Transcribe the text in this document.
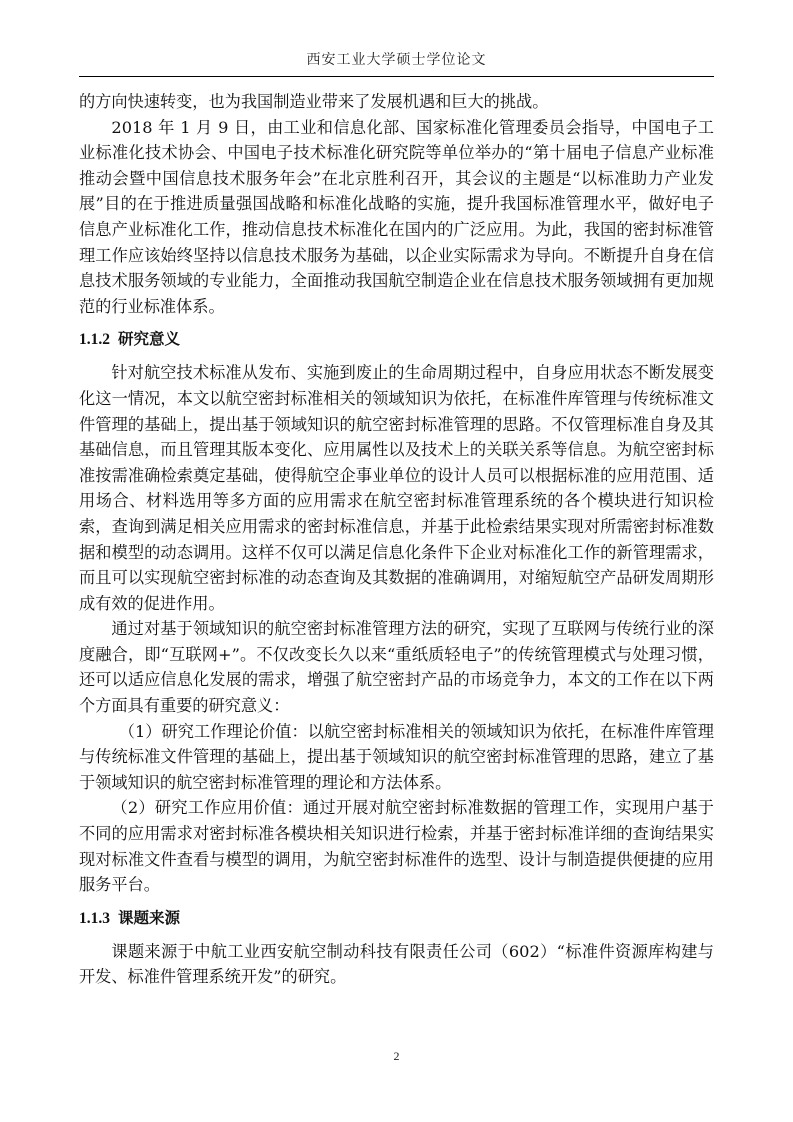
西安工业大学硕士学位论文

的方向快速转变，也为我国制造业带来了发展机遇和巨大的挑战。

2018 年 1 月 9 日，由工业和信息化部、国家标准化管理委员会指导，中国电子工业标准化技术协会、中国电子技术标准化研究院等单位举办的“第十届电子信息产业标准推动会暨中国信息技术服务年会”在北京胜利召开，其会议的主题是“以标准助力产业发展”目的在于推进质量强国战略和标准化战略的实施，提升我国标准管理水平，做好电子信息产业标准化工作，推动信息技术标准化在国内的广泛应用。为此，我国的密封标准管理工作应该始终坚持以信息技术服务为基础，以企业实际需求为导向。不断提升自身在信息技术服务领域的专业能力，全面推动我国航空制造企业在信息技术服务领域拥有更加规范的行业标准体系。

1.1.2 研究意义

针对航空技术标准从发布、实施到废止的生命周期过程中，自身应用状态不断发展变化这一情况，本文以航空密封标准相关的领域知识为依托，在标准件库管理与传统标准文件管理的基础上，提出基于领域知识的航空密封标准管理的思路。不仅管理标准自身及其基础信息，而且管理其版本变化、应用属性以及技术上的关联关系等信息。为航空密封标准按需准确检索奠定基础，使得航空企事业单位的设计人员可以根据标准的应用范围、适用场合、材料选用等多方面的应用需求在航空密封标准管理系统的各个模块进行知识检索，查询到满足相关应用需求的密封标准信息，并基于此检索结果实现对所需密封标准数据和模型的动态调用。这样不仅可以满足信息化条件下企业对标准化工作的新管理需求，而且可以实现航空密封标准的动态查询及其数据的准确调用，对缩短航空产品研发周期形成有效的促进作用。

通过对基于领域知识的航空密封标准管理方法的研究，实现了互联网与传统行业的深度融合，即“互联网+”。不仅改变长久以来“重纸质轻电子”的传统管理模式与处理习惯，还可以适应信息化发展的需求，增强了航空密封产品的市场竞争力，本文的工作在以下两个方面具有重要的研究意义：

（1）研究工作理论价值：以航空密封标准相关的领域知识为依托，在标准件库管理与传统标准文件管理的基础上，提出基于领域知识的航空密封标准管理的思路，建立了基于领域知识的航空密封标准管理的理论和方法体系。

（2）研究工作应用价值：通过开展对航空密封标准数据的管理工作，实现用户基于不同的应用需求对密封标准各模块相关知识进行检索，并基于密封标准详细的查询结果实现对标准文件查看与模型的调用，为航空密封标准件的选型、设计与制造提供便捷的应用服务平台。

1.1.3 课题来源

课题来源于中航工业西安航空制动科技有限责任公司（602）“标准件资源库构建与开发、标准件管理系统开发”的研究。

2
